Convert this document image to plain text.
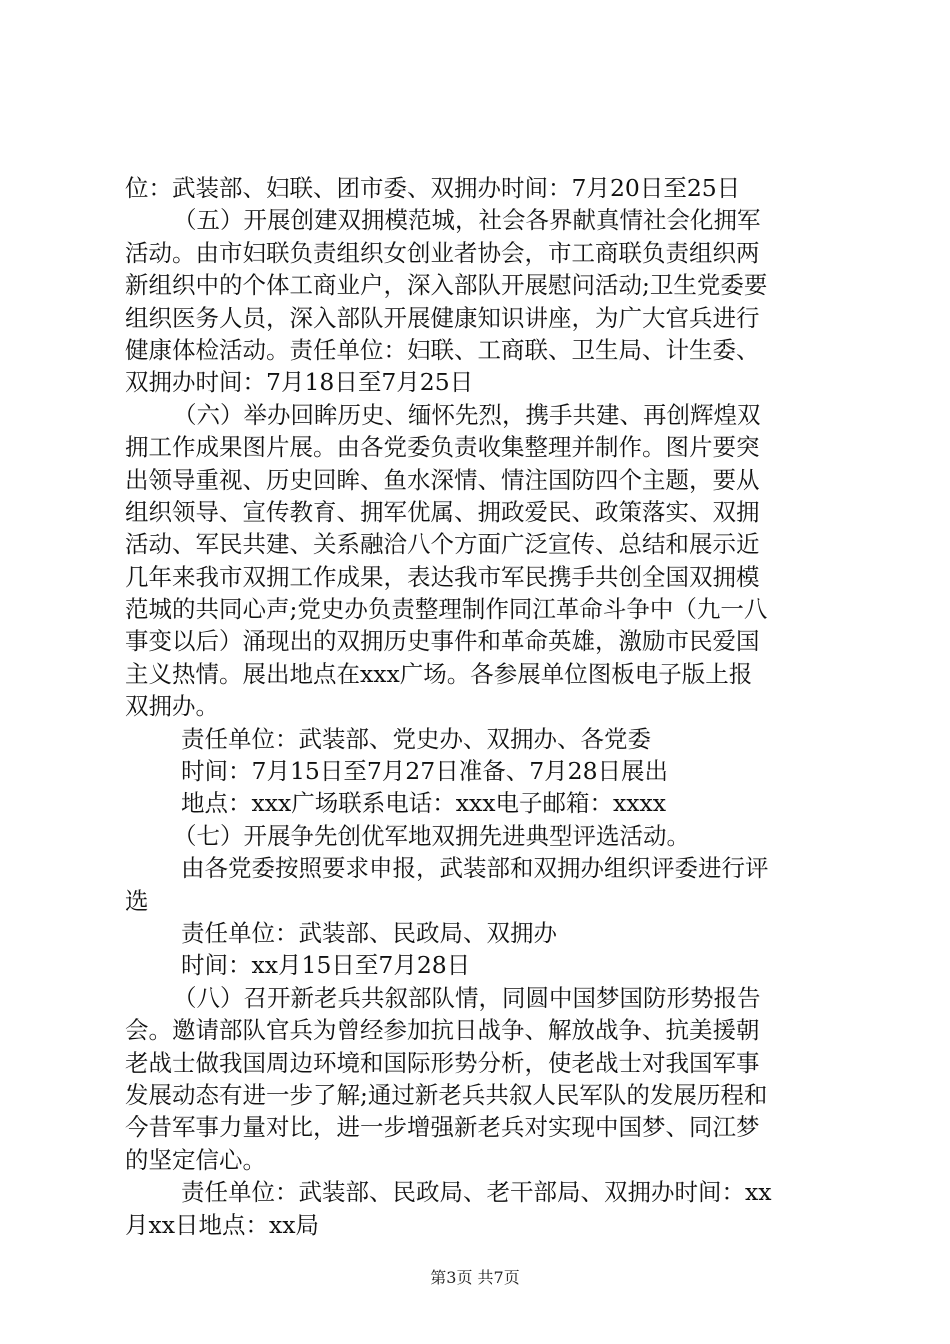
位：武装部、妇联、团市委、双拥办时间：7月20日至25日
（五）开展创建双拥模范城，社会各界献真情社会化拥军
活动。由市妇联负责组织女创业者协会，市工商联负责组织两
新组织中的个体工商业户，深入部队开展慰问活动;卫生党委要
组织医务人员，深入部队开展健康知识讲座，为广大官兵进行
健康体检活动。责任单位：妇联、工商联、卫生局、计生委、
双拥办时间：7月18日至7月25日
（六）举办回眸历史、缅怀先烈，携手共建、再创辉煌双
拥工作成果图片展。由各党委负责收集整理并制作。图片要突
出领导重视、历史回眸、鱼水深情、情注国防四个主题，要从
组织领导、宣传教育、拥军优属、拥政爱民、政策落实、双拥
活动、军民共建、关系融洽八个方面广泛宣传、总结和展示近
几年来我市双拥工作成果，表达我市军民携手共创全国双拥模
范城的共同心声;党史办负责整理制作同江革命斗争中（九一八
事变以后）涌现出的双拥历史事件和革命英雄，激励市民爱国
主义热情。展出地点在xxx广场。各参展单位图板电子版上报
双拥办。
责任单位：武装部、党史办、双拥办、各党委
时间：7月15日至7月27日准备、7月28日展出
地点：xxx广场联系电话：xxx电子邮箱：xxxx
（七）开展争先创优军地双拥先进典型评选活动。
由各党委按照要求申报，武装部和双拥办组织评委进行评
选
责任单位：武装部、民政局、双拥办
时间：xx月15日至7月28日
（八）召开新老兵共叙部队情，同圆中国梦国防形势报告
会。邀请部队官兵为曾经参加抗日战争、解放战争、抗美援朝
老战士做我国周边环境和国际形势分析，使老战士对我国军事
发展动态有进一步了解;通过新老兵共叙人民军队的发展历程和
今昔军事力量对比，进一步增强新老兵对实现中国梦、同江梦
的坚定信心。
责任单位：武装部、民政局、老干部局、双拥办时间：xx
月xx日地点：xx局
第3页 共7页
